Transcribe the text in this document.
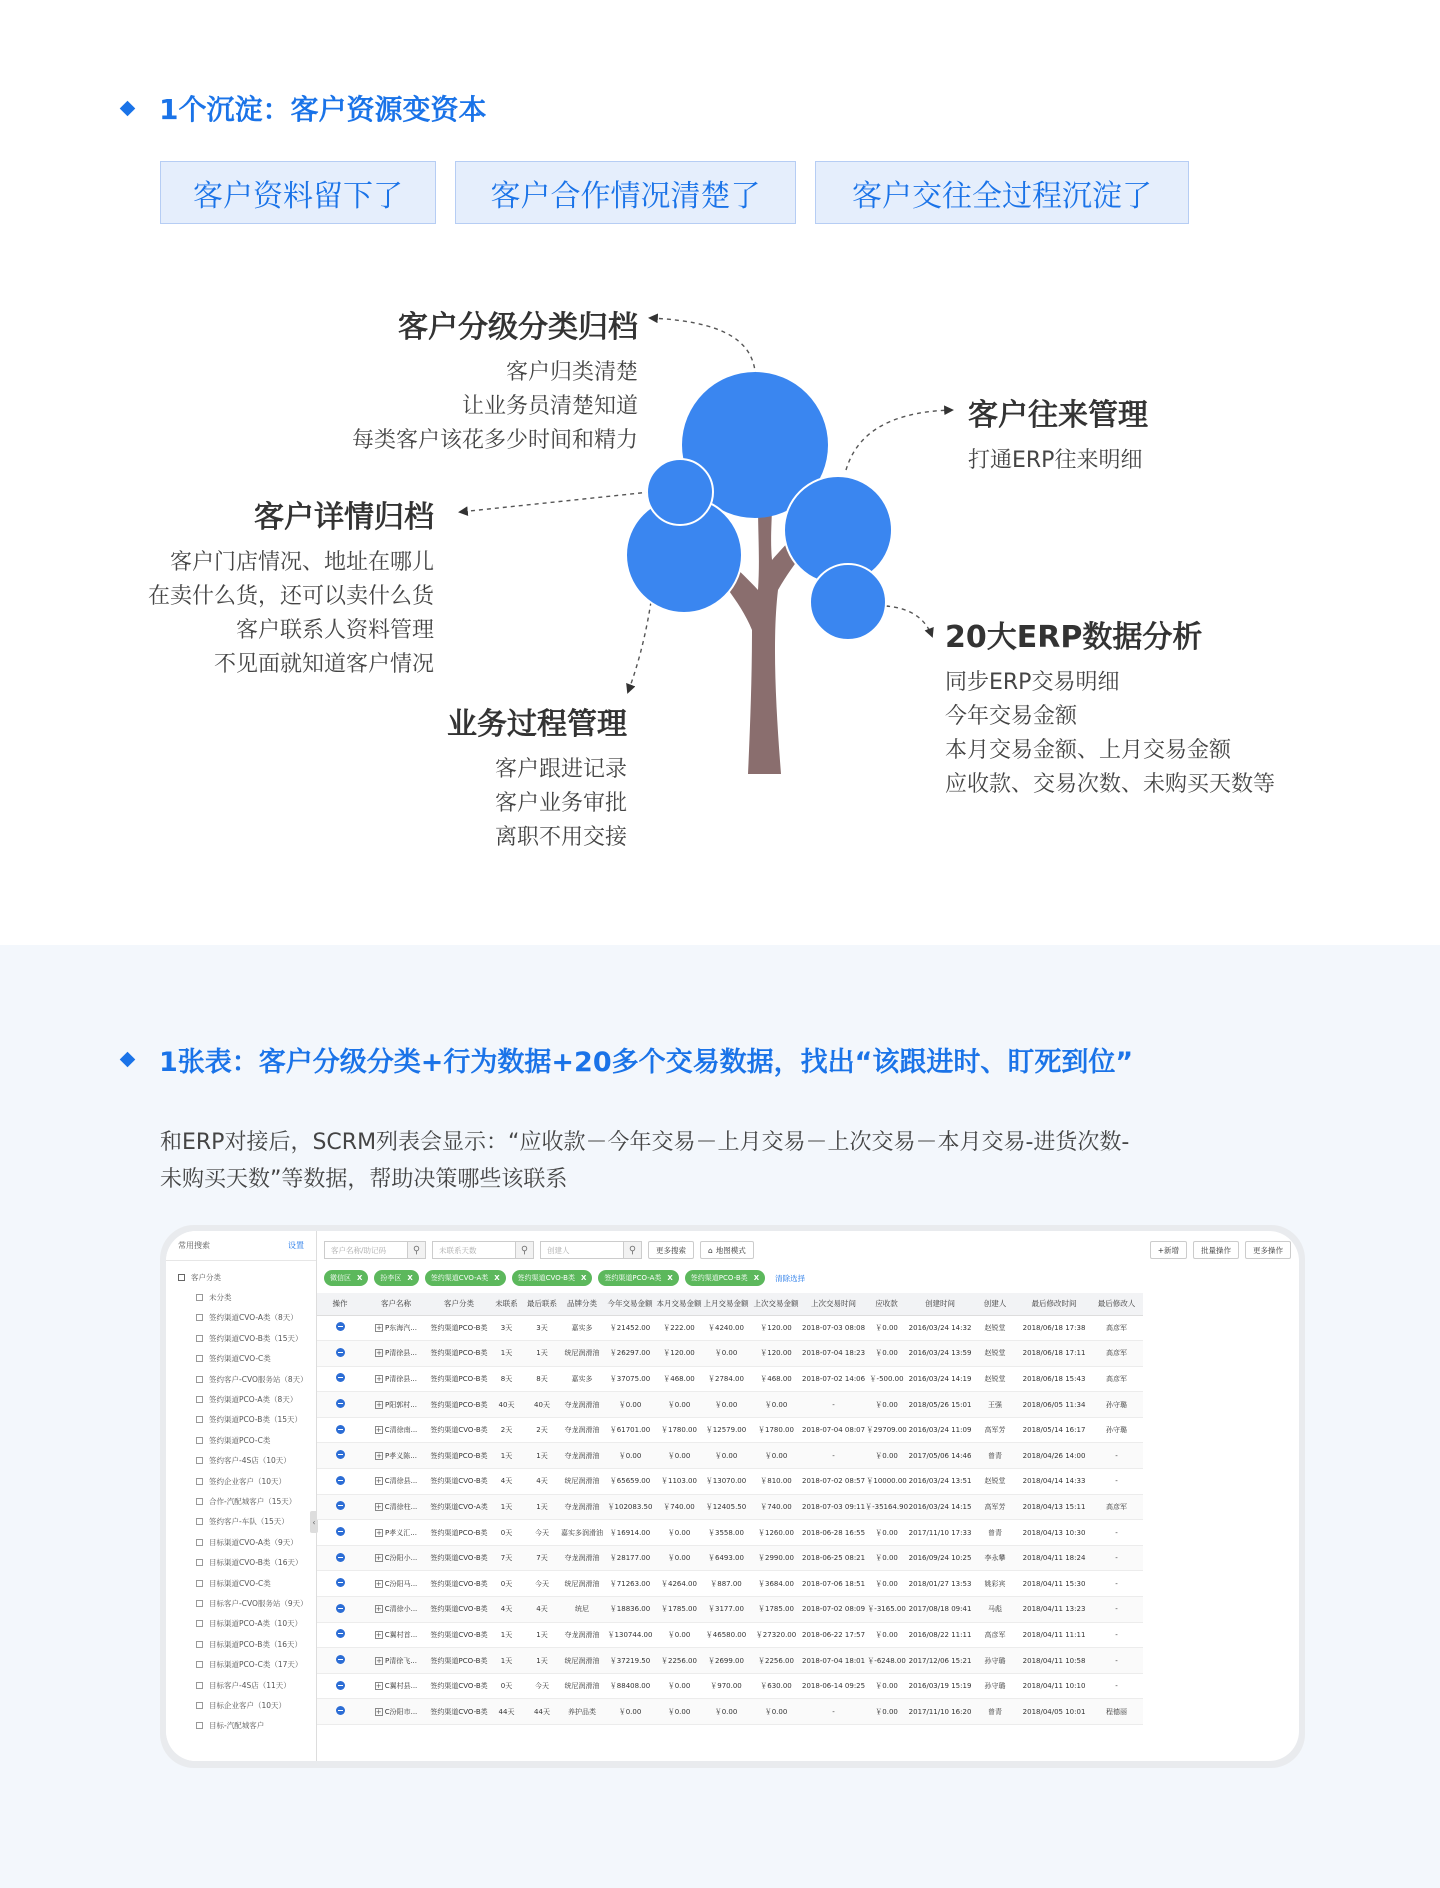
1个沉淀：客户资源变资本
客户资料留下了	客户合作情况清楚了	客户交往全过程沉淀了
客户分级分类归档
客户归类清楚
让业务员清楚知道
每类客户该花多少时间和精力
客户详情归档
客户门店情况、地址在哪儿
在卖什么货，还可以卖什么货
客户联系人资料管理
不见面就知道客户情况
业务过程管理
客户跟进记录
客户业务审批
离职不用交接
客户往来管理
打通ERP往来明细
20大ERP数据分析
同步ERP交易明细
今年交易金额
本月交易金额、上月交易金额
应收款、交易次数、未购买天数等
1张表：客户分级分类+行为数据+20多个交易数据，找出“该跟进时、盯死到位”
和ERP对接后，SCRM列表会显示：“应收款－今年交易－上月交易－上次交易－本月交易-进货次数-
未购买天数”等数据，帮助决策哪些该联系
常用搜索	设置
客户分类
未分类
签约渠道CVO-A类（8天）
签约渠道CVO-B类（15天）
签约渠道CVO-C类
签约客户-CVO服务站（8天）
签约渠道PCO-A类（8天）
签约渠道PCO-B类（15天）
签约渠道PCO-C类
签约客户-4S店（10天）
签约企业客户（10天）
合作-汽配城客户（15天）
签约客户-车队（15天）
目标渠道CVO-A类（9天）
目标渠道CVO-B类（16天）
目标渠道CVO-C类
目标客户-CVO服务站（9天）
目标渠道PCO-A类（10天）
目标渠道PCO-B类（16天）
目标渠道PCO-C类（17天）
目标客户-4S店（11天）
目标企业客户（10天）
目标-汽配城客户
‹
客户名称/助记码	⚲	未联系天数	⚲	创建人	⚲	更多搜索	⌂ 地图模式	+新增	批量操作	更多操作
微信区 X	扮李区 X	签约渠道CVO-A类 X	签约渠道CVO-B类 X	签约渠道PCO-A类 X	签约渠道PCO-B类 X 清除选择
操作	客户名称	客户分类	未联系	最后联系	品牌分类	今年交易金额	本月交易金额	上月交易金额	上次交易金额	上次交易时间	应收款	创建时间	创建人	最后修改时间	最后修改人
	+ P东海汽...	签约渠道PCO-B类	3天	3天	嘉实多	￥21452.00	￥222.00	￥4240.00	￥120.00	2018-07-03 08:08	￥0.00	2016/03/24 14:32	赵锐堂	2018/06/18 17:38	高彦军
	+ P清徐县...	签约渠道PCO-B类	1天	1天	统尼润滑油	￥26297.00	￥120.00	￥0.00	￥120.00	2018-07-04 18:23	￥0.00	2016/03/24 13:59	赵锐堂	2018/06/18 17:11	高彦军
	+ P清徐县...	签约渠道PCO-B类	8天	8天	嘉实多	￥37075.00	￥468.00	￥2784.00	￥468.00	2018-07-02 14:06	￥-500.00	2016/03/24 14:19	赵锐堂	2018/06/18 15:43	高彦军
	+ P阳郭村...	签约渠道PCO-B类	40天	40天	夺龙润滑油	￥0.00	￥0.00	￥0.00	￥0.00	-	￥0.00	2018/05/26 15:01	王强	2018/06/05 11:34	孙守璐
	+ C清徐南...	签约渠道CVO-B类	2天	2天	夺龙润滑油	￥61701.00	￥1780.00	￥12579.00	￥1780.00	2018-07-04 08:07	￥29709.00	2016/03/24 11:09	高军芳	2018/05/14 16:17	孙守璐
	+ P孝义陈...	签约渠道PCO-B类	1天	1天	夺龙润滑油	￥0.00	￥0.00	￥0.00	￥0.00	-	￥0.00	2017/05/06 14:46	曾青	2018/04/26 14:00	-
	+ C清徐县...	签约渠道CVO-B类	4天	4天	统尼润滑油	￥65659.00	￥1103.00	￥13070.00	￥810.00	2018-07-02 08:57	￥10000.00	2016/03/24 13:51	赵锐堂	2018/04/14 14:33	-
	+ C清徐柱...	签约渠道CVO-A类	1天	1天	夺龙润滑油	￥102083.50	￥740.00	￥12405.50	￥740.00	2018-07-03 09:11	￥-35164.90	2016/03/24 14:15	高军芳	2018/04/13 15:11	高彦军
	+ P孝义汇...	签约渠道PCO-B类	0天	今天	嘉实多润滑油	￥16914.00	￥0.00	￥3558.00	￥1260.00	2018-06-28 16:55	￥0.00	2017/11/10 17:33	曾青	2018/04/13 10:30	-
	+ C汾阳小...	签约渠道CVO-B类	7天	7天	夺龙润滑油	￥28177.00	￥0.00	￥6493.00	￥2990.00	2018-06-25 08:21	￥0.00	2016/09/24 10:25	李永攀	2018/04/11 18:24	-
	+ C汾阳马...	签约渠道CVO-B类	0天	今天	统尼润滑油	￥71263.00	￥4264.00	￥887.00	￥3684.00	2018-07-06 18:51	￥0.00	2018/01/27 13:53	姚彩宾	2018/04/11 15:30	-
	+ C清徐小...	签约渠道CVO-B类	4天	4天	统尼	￥18836.00	￥1785.00	￥3177.00	￥1785.00	2018-07-02 08:09	￥-3165.00	2017/08/18 09:41	马彪	2018/04/11 13:23	-
	+ C翼村首...	签约渠道CVO-B类	1天	1天	夺龙润滑油	￥130744.00	￥0.00	￥46580.00	￥27320.00	2018-06-22 17:57	￥0.00	2016/08/22 11:11	高彦军	2018/04/11 11:11	-
	+ P清徐飞...	签约渠道PCO-B类	1天	1天	统尼润滑油	￥37219.50	￥2256.00	￥2699.00	￥2256.00	2018-07-04 18:01	￥-6248.00	2017/12/06 15:21	孙守璐	2018/04/11 10:58	-
	+ C翼村县...	签约渠道CVO-B类	0天	今天	统尼润滑油	￥88408.00	￥0.00	￥970.00	￥630.00	2018-06-14 09:25	￥0.00	2016/03/19 15:19	孙守璐	2018/04/11 10:10	-
	+ C汾阳市...	签约渠道CVO-B类	44天	44天	养护品类	￥0.00	￥0.00	￥0.00	￥0.00	-	￥0.00	2017/11/10 16:20	曾青	2018/04/05 10:01	程德丽
